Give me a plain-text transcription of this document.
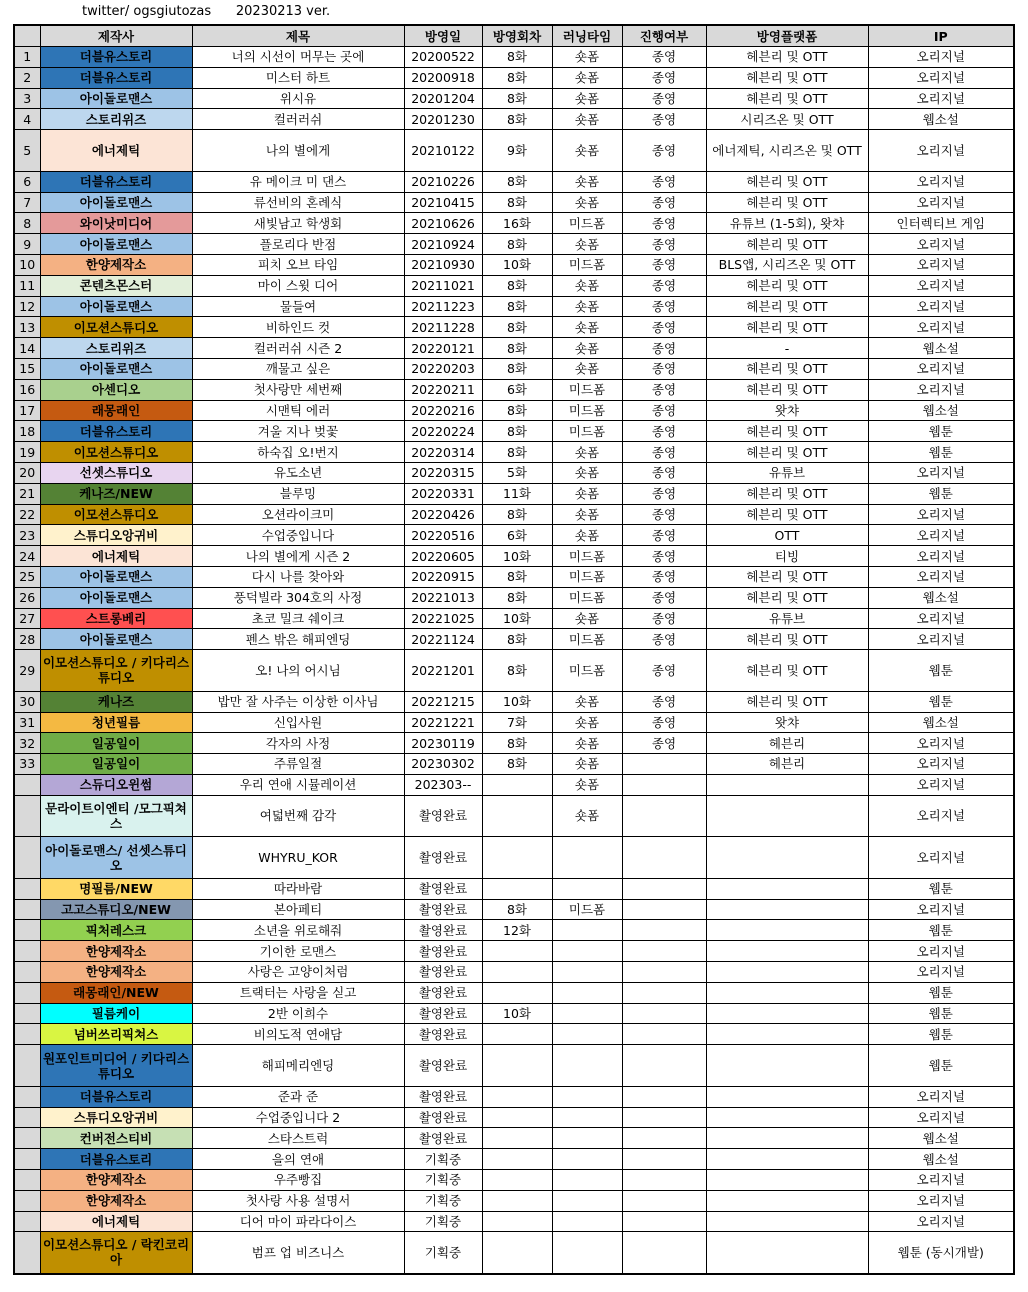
twitter/ ogsgiutozas      20230213 ver.
	제작사	제목	방영일	방영회차	러닝타임	진행여부	방영플랫폼	IP
1	더블유스토리	너의 시선이 머무는 곳에	20200522	8화	숏폼	종영	헤븐리 및 OTT	오리지널
2	더블유스토리	미스터 하트	20200918	8화	숏폼	종영	헤븐리 및 OTT	오리지널
3	아이돌로맨스	위시유	20201204	8화	숏폼	종영	헤븐리 및 OTT	오리지널
4	스토리위즈	컬러러쉬	20201230	8화	숏폼	종영	시리즈온 및 OTT	웹소설
5	에너제틱	나의 별에게	20210122	9화	숏폼	종영	에너제틱, 시리즈온 및 OTT	오리지널
6	더블유스토리	유 메이크 미 댄스	20210226	8화	숏폼	종영	헤븐리 및 OTT	오리지널
7	아이돌로맨스	류선비의 혼례식	20210415	8화	숏폼	종영	헤븐리 및 OTT	오리지널
8	와이낫미디어	새빛남고 학생회	20210626	16화	미드폼	종영	유튜브 (1-5회), 왓챠	인터렉티브 게임
9	아이돌로맨스	플로리다 반점	20210924	8화	숏폼	종영	헤븐리 및 OTT	오리지널
10	한양제작소	피치 오브 타임	20210930	10화	미드폼	종영	BLS앱, 시리즈온 및 OTT	오리지널
11	콘텐츠몬스터	마이 스윗 디어	20211021	8화	숏폼	종영	헤븐리 및 OTT	오리지널
12	아이돌로맨스	물들여	20211223	8화	숏폼	종영	헤븐리 및 OTT	오리지널
13	이모션스튜디오	비하인드 컷	20211228	8화	숏폼	종영	헤븐리 및 OTT	오리지널
14	스토리위즈	컬러러쉬 시즌 2	20220121	8화	숏폼	종영	-	웹소설
15	아이돌로맨스	깨물고 싶은	20220203	8화	숏폼	종영	헤븐리 및 OTT	오리지널
16	아센디오	첫사랑만 세번째	20220211	6화	미드폼	종영	헤븐리 및 OTT	오리지널
17	래몽래인	시맨틱 에러	20220216	8화	미드폼	종영	왓챠	웹소설
18	더블유스토리	겨울 지나 벚꽃	20220224	8화	미드폼	종영	헤븐리 및 OTT	웹툰
19	이모션스튜디오	하숙집 오!번지	20220314	8화	숏폼	종영	헤븐리 및 OTT	웹툰
20	선셋스튜디오	유도소년	20220315	5화	숏폼	종영	유튜브	오리지널
21	케나즈/NEW	블루밍	20220331	11화	숏폼	종영	헤븐리 및 OTT	웹툰
22	이모션스튜디오	오션라이크미	20220426	8화	숏폼	종영	헤븐리 및 OTT	오리지널
23	스튜디오앙귀비	수업중입니다	20220516	6화	숏폼	종영	OTT	오리지널
24	에너제틱	나의 별에게 시즌 2	20220605	10화	미드폼	종영	티빙	오리지널
25	아이돌로맨스	다시 나를 찾아와	20220915	8화	미드폼	종영	헤븐리 및 OTT	오리지널
26	아이돌로맨스	풍덕빌라 304호의 사정	20221013	8화	미드폼	종영	헤븐리 및 OTT	웹소설
27	스트롱베리	초코 밀크 쉐이크	20221025	10화	숏폼	종영	유튜브	오리지널
28	아이돌로맨스	펜스 밖은 해피엔딩	20221124	8화	미드폼	종영	헤븐리 및 OTT	오리지널
29	이모션스튜디오 / 키다리스튜디오	오! 나의 어시님	20221201	8화	미드폼	종영	헤븐리 및 OTT	웹툰
30	케나즈	밥만 잘 사주는 이상한 이사님	20221215	10화	숏폼	종영	헤븐리 및 OTT	웹툰
31	청년필름	신입사원	20221221	7화	숏폼	종영	왓챠	웹소설
32	일공일이	각자의 사정	20230119	8화	숏폼	종영	헤븐리	오리지널
33	일공일이	주류일절	20230302	8화	숏폼		헤븐리	오리지널
	스듀디오윈썸	우리 연애 시뮬레이션	202303--		숏폼			오리지널
	문라이트이엔티 /모그픽쳐스	여덟번째 감각	촬영완료		숏폼			오리지널
	아이돌로맨스/ 선셋스튜디오	WHYRU_KOR	촬영완료					오리지널
	명필름/NEW	따라바람	촬영완료					웹툰
	고고스튜디오/NEW	본아페티	촬영완료	8화	미드폼			오리지널
	픽처레스크	소년을 위로해줘	촬영완료	12화				웹툰
	한양제작소	기이한 로맨스	촬영완료					오리지널
	한양제작소	사랑은 고양이처럼	촬영완료					오리지널
	래몽래인/NEW	트랙터는 사랑을 싣고	촬영완료					웹툰
	필름케이	2반 이희수	촬영완료	10화				웹툰
	넘버쓰리픽쳐스	비의도적 연애담	촬영완료					웹툰
	원포인트미디어 / 키다리스튜디오	해피메리엔딩	촬영완료					웹툰
	더블유스토리	준과 준	촬영완료					오리지널
	스튜디오앙귀비	수업중입니다 2	촬영완료					오리지널
	컨버전스티비	스타스트럭	촬영완료					웹소설
	더블유스토리	을의 연애	기획중					웹소설
	한양제작소	우주빵집	기획중					오리지널
	한양제작소	첫사랑 사용 설명서	기획중					오리지널
	에너제틱	디어 마이 파라다이스	기획중					오리지널
	이모션스튜디오 / 락킨코리아	범프 업 비즈니스	기획중					웹툰 (동시개발)
